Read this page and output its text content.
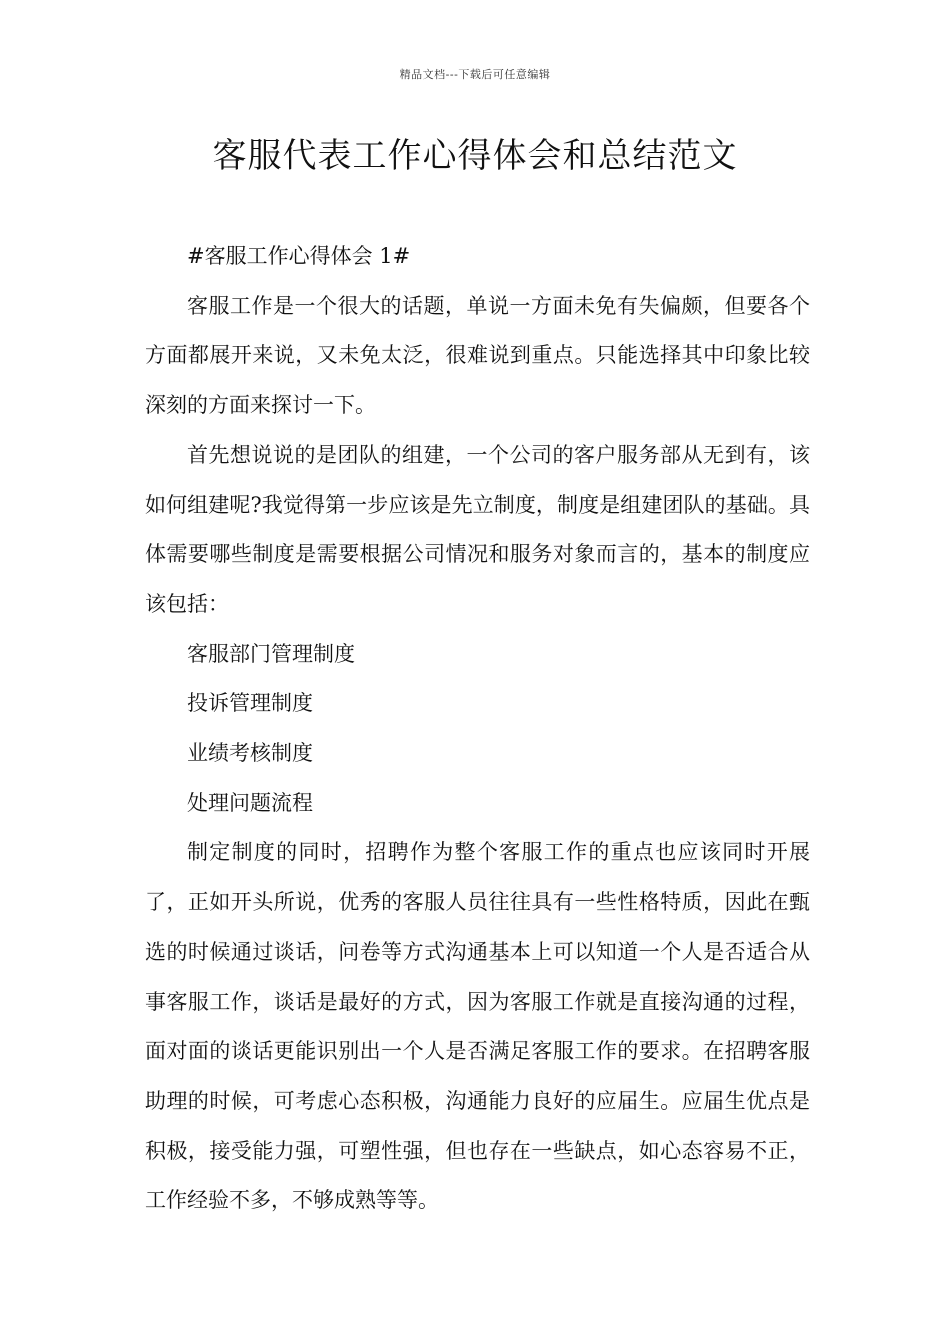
精品文档---下载后可任意编辑
客服代表工作心得体会和总结范文

#客服工作心得体会 1#

客服工作是一个很大的话题，单说一方面未免有失偏颇，但要各个方面都展开来说，又未免太泛，很难说到重点。只能选择其中印象比较深刻的方面来探讨一下。

首先想说说的是团队的组建，一个公司的客户服务部从无到有，该如何组建呢?我觉得第一步应该是先立制度，制度是组建团队的基础。具体需要哪些制度是需要根据公司情况和服务对象而言的，基本的制度应该包括：

客服部门管理制度

投诉管理制度

业绩考核制度

处理问题流程

制定制度的同时，招聘作为整个客服工作的重点也应该同时开展了，正如开头所说，优秀的客服人员往往具有一些性格特质，因此在甄选的时候通过谈话，问卷等方式沟通基本上可以知道一个人是否适合从事客服工作，谈话是最好的方式，因为客服工作就是直接沟通的过程，面对面的谈话更能识别出一个人是否满足客服工作的要求。在招聘客服助理的时候，可考虑心态积极，沟通能力良好的应届生。应届生优点是积极，接受能力强，可塑性强，但也存在一些缺点，如心态容易不正，工作经验不多，不够成熟等等。
